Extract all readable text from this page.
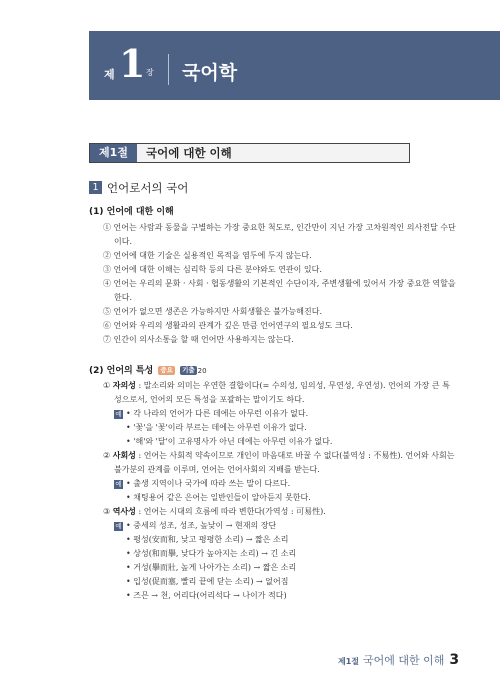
제 1 장 국어학
제1절	국어에 대한 이해
1 언어로서의 국어
(1) 언어에 대한 이해
① 언어는 사람과 동물을 구별하는 가장 중요한 척도로, 인간만이 지닌 가장 고차원적인 의사전달 수단
이다.
② 언어에 대한 기술은 실용적인 목적을 염두에 두지 않는다.
③ 언어에 대한 이해는 심리학 등의 다른 분야와도 연관이 있다.
④ 언어는 우리의 문화 · 사회 · 협동생활의 기본적인 수단이자, 주변생활에 있어서 가장 중요한 역할을
한다.
⑤ 언어가 없으면 생존은 가능하지만 사회생활은 불가능해진다.
⑥ 언어와 우리의 생활과의 관계가 깊은 만큼 언어연구의 필요성도 크다.
⑦ 인간이 의사소통을 할 때 언어만 사용하지는 않는다.
(2) 언어의 특성 중요 기출 20
① 자의성 : 말소리와 의미는 우연한 결합이다(= 수의성, 임의성, 무연성, 우연성). 언어의 가장 큰 특
성으로서, 언어의 모든 특성을 포괄하는 말이기도 하다.
예 • 각 나라의 언어가 다른 데에는 아무런 이유가 없다.
• '꽃'을 '꽃'이라 부르는 데에는 아무런 이유가 없다.
• '해'와 '달'이 고유명사가 아닌 데에는 아무런 이유가 없다.
② 사회성 : 언어는 사회적 약속이므로 개인이 마음대로 바꿀 수 없다(불역성 : 不易性). 언어와 사회는
불가분의 관계를 이루며, 언어는 언어사회의 지배를 받는다.
예 • 출생 지역이나 국가에 따라 쓰는 말이 다르다.
• 채팅용어 같은 은어는 일반인들이 알아듣지 못한다.
③ 역사성 : 언어는 시대의 흐름에 따라 변한다(가역성 : 可易性).
예 • 중세의 성조, 성조, 높낮이 → 현재의 장단
• 평성(安而和, 낮고 평평한 소리) → 짧은 소리
• 상성(和而擧, 낮다가 높아지는 소리) → 긴 소리
• 거성(擧而壯, 높게 나아가는 소리) → 짧은 소리
• 입성(促而塞, 빨리 끝에 닫는 소리) → 없어짐
• 즈믄 → 천, 어리다(어리석다 → 나이가 적다)
제1절 국어에 대한 이해 3
